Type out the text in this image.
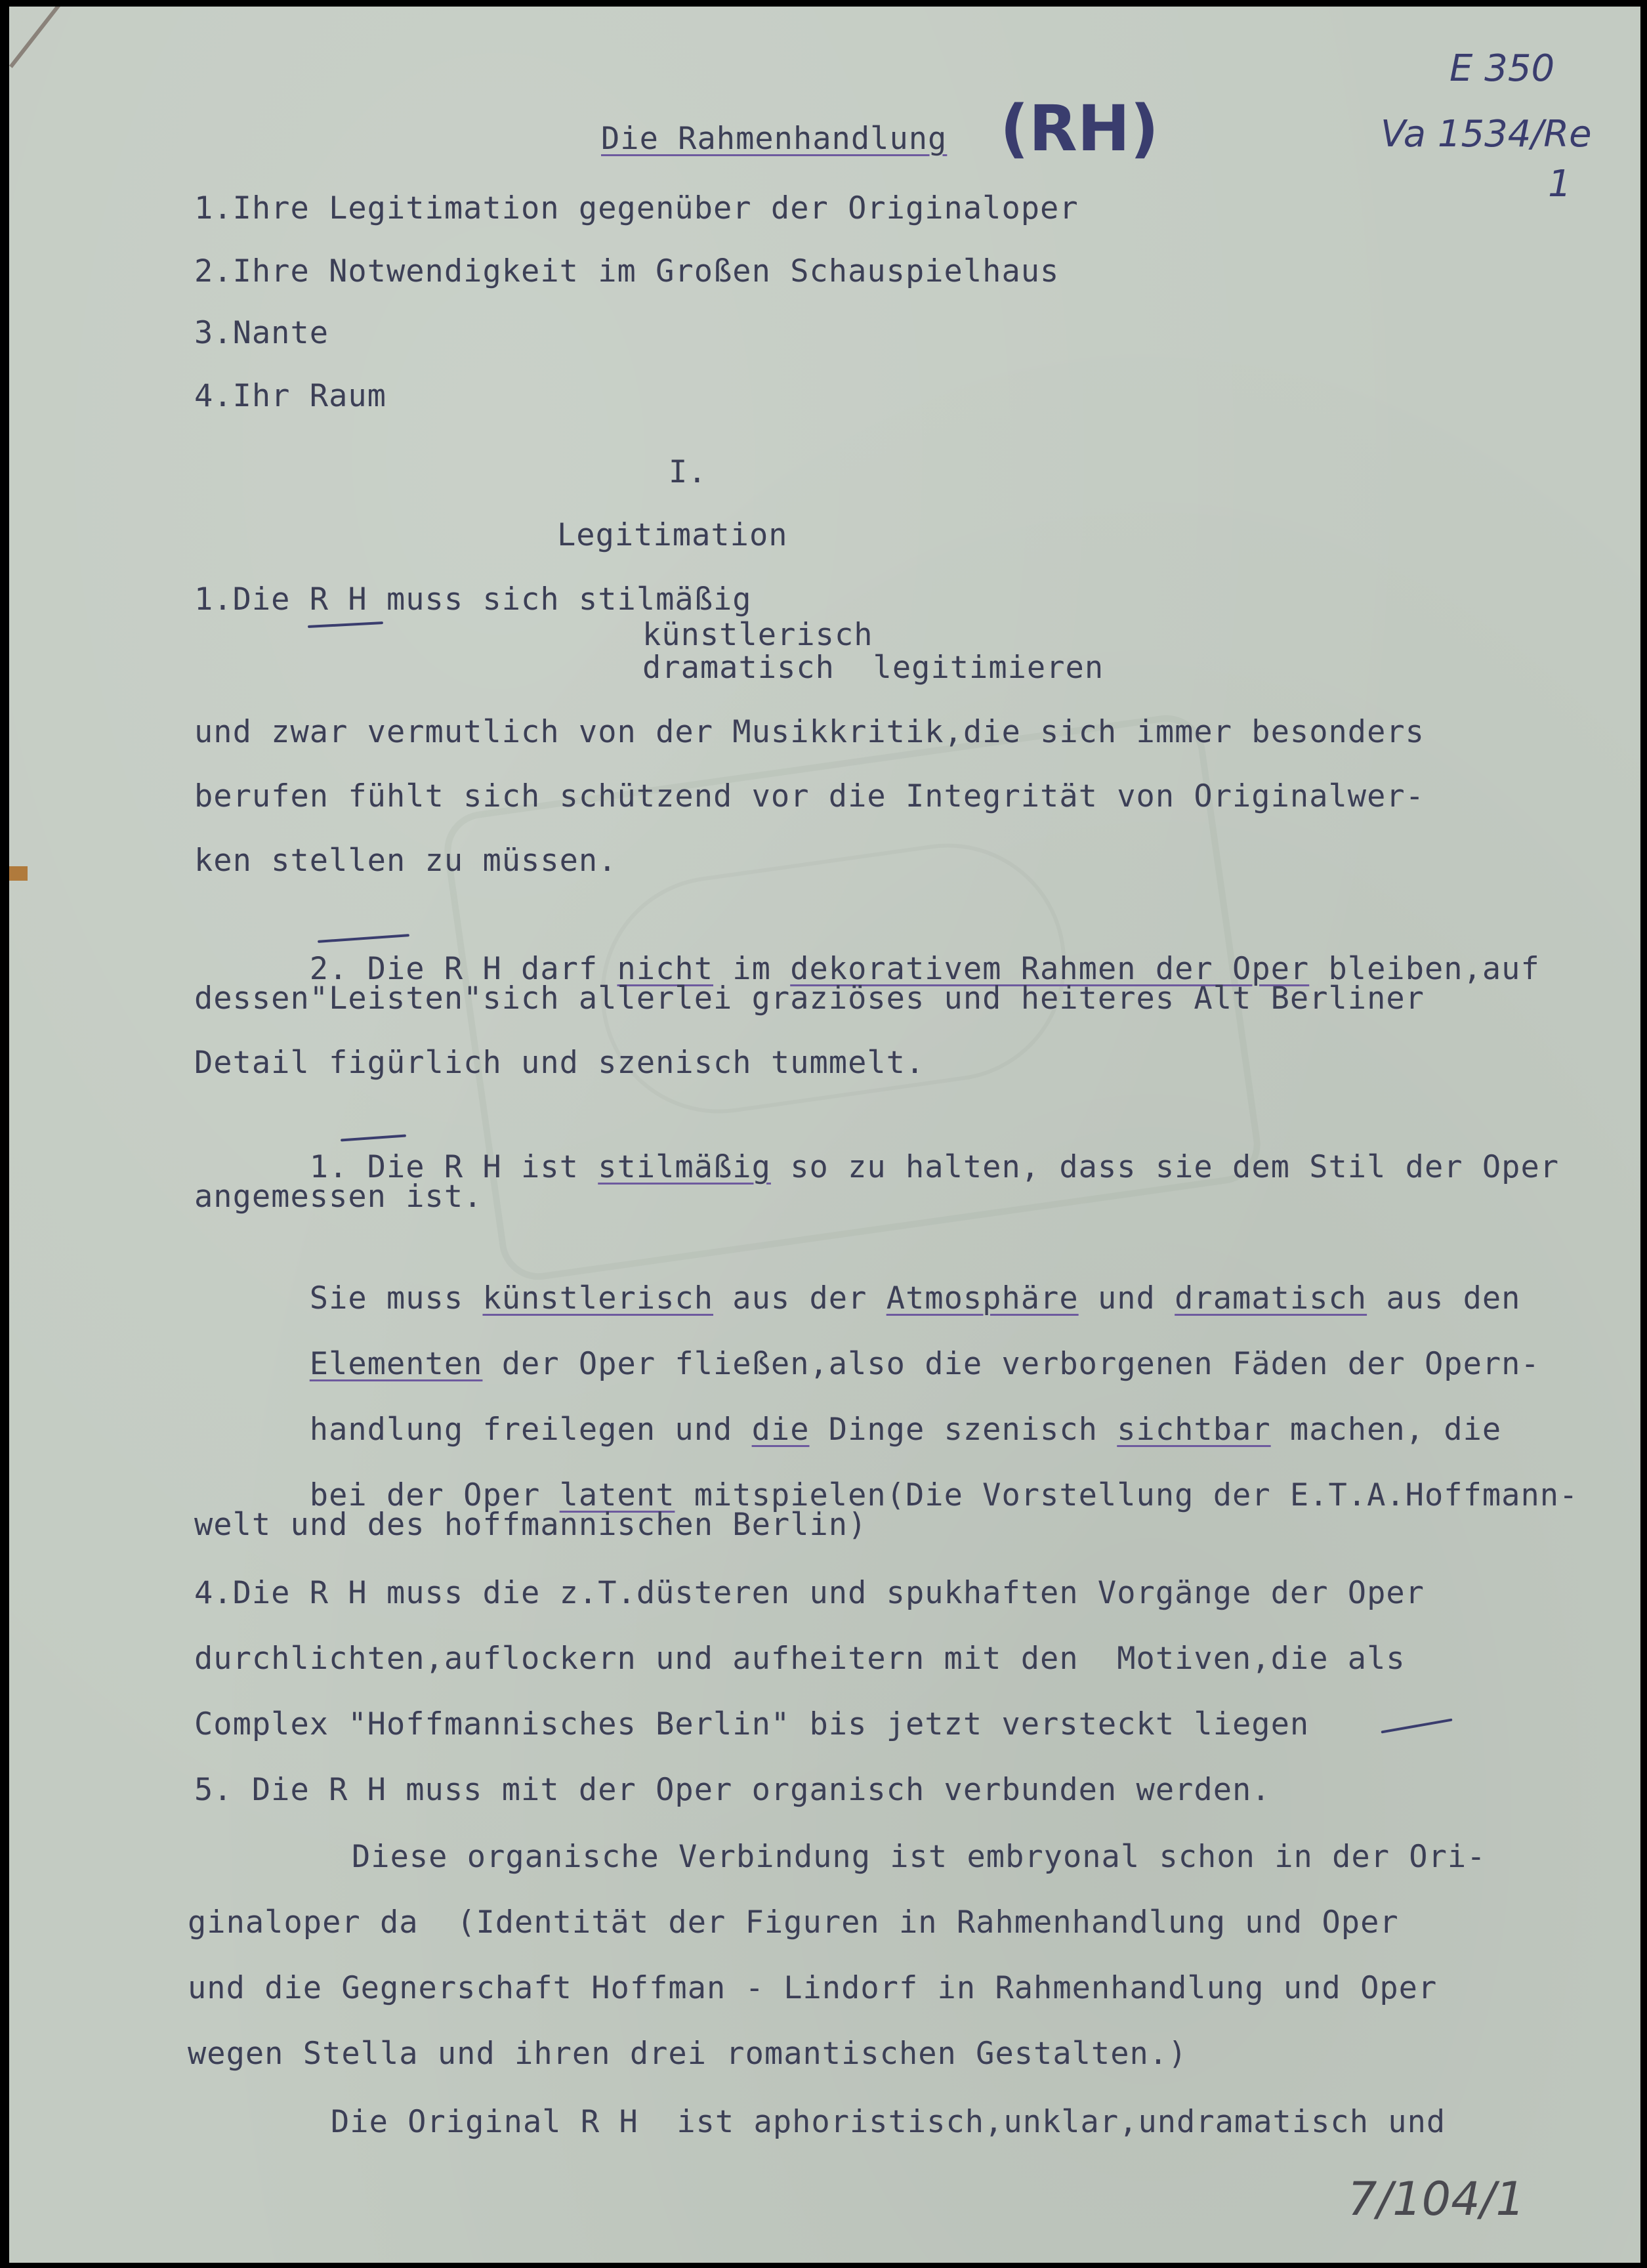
E 350
Va 1534/Re
1
Die Rahmenhandlung (RH)
1.Ihre Legitimation gegenüber der Originaloper
2.Ihre Notwendigkeit im Großen Schauspielhaus
3.Nante
4.Ihr Raum
I.
Legitimation
1.Die R H muss sich stilmäßig
künstlerisch
dramatisch  legitimieren
und zwar vermutlich von der Musikkritik,die sich immer besonders
berufen fühlt sich schützend vor die Integrität von Originalwer-
ken stellen zu müssen.

2. Die R H darf nicht im dekorativem Rahmen der Oper bleiben,auf

dessen"Leisten"sich allerlei graziöses und heiteres Alt Berliner
Detail figürlich und szenisch tummelt.

1. Die R H ist stilmäßig so zu halten, dass sie dem Stil der Oper

angemessen ist.

Sie muss künstlerisch aus der Atmosphäre und dramatisch aus den

Elementen der Oper fließen,also die verborgenen Fäden der Opern-

handlung freilegen und die Dinge szenisch sichtbar machen, die

bei der Oper latent mitspielen(Die Vorstellung der E.T.A.Hoffmann-

welt und des hoffmannischen Berlin)
4.Die R H muss die z.T.düsteren und spukhaften Vorgänge der Oper
durchlichten,auflockern und aufheitern mit den  Motiven,die als
Complex "Hoffmannisches Berlin" bis jetzt versteckt liegen
5. Die R H muss mit der Oper organisch verbunden werden.
Diese organische Verbindung ist embryonal schon in der Ori-
ginaloper da  (Identität der Figuren in Rahmenhandlung und Oper
und die Gegnerschaft Hoffman - Lindorf in Rahmenhandlung und Oper
wegen Stella und ihren drei romantischen Gestalten.)
Die Original R H  ist aphoristisch,unklar,undramatisch und
7/104/1
